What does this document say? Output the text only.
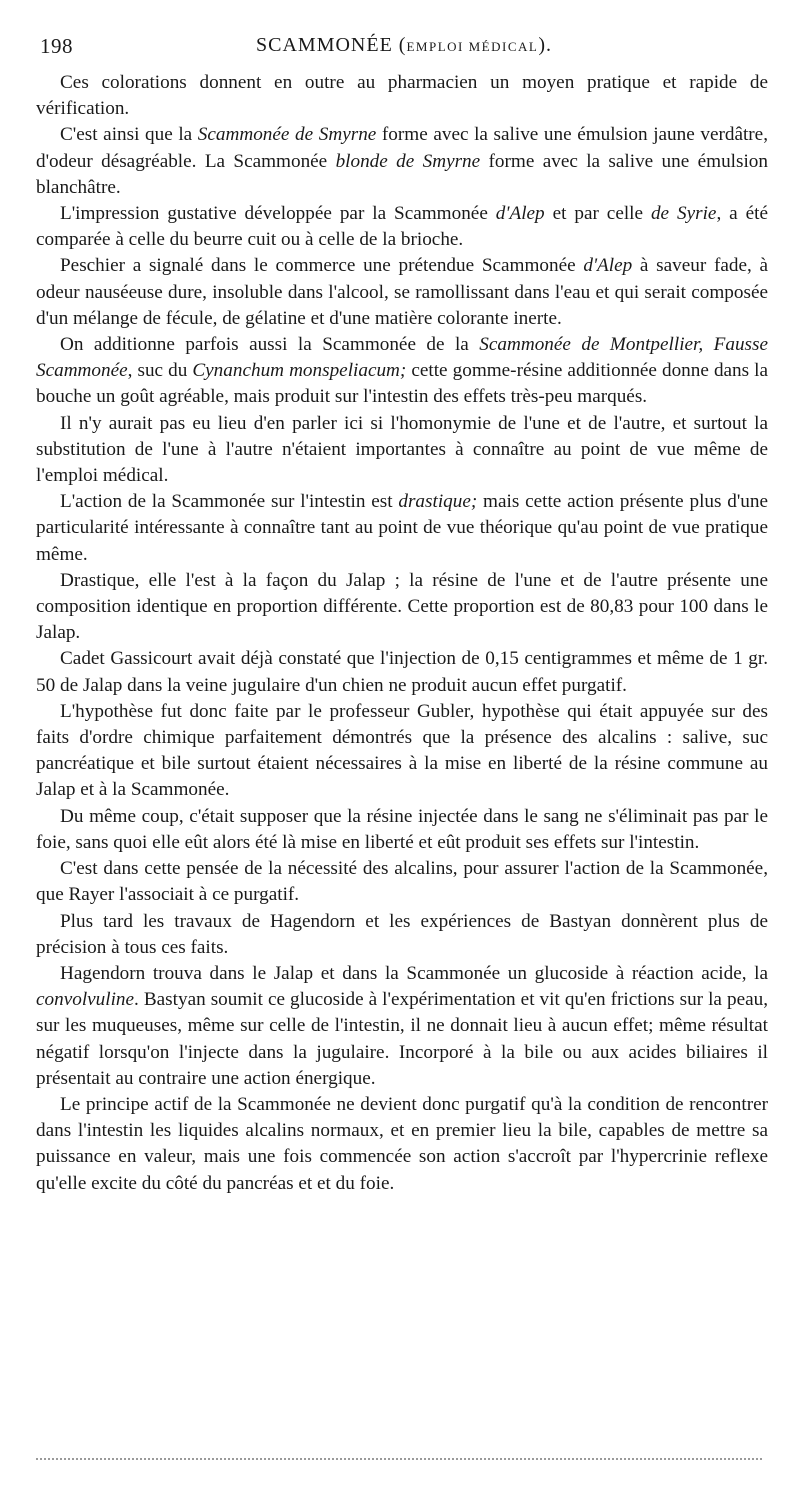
198	SCAMMONÉE (EMPLOI MÉDICAL).

Ces colorations donnent en outre au pharmacien un moyen pratique et rapide de vérification.

C'est ainsi que la Scammonée de Smyrne forme avec la salive une émulsion jaune verdâtre, d'odeur désagréable. La Scammonée blonde de Smyrne forme avec la salive une émulsion blanchâtre.

L'impression gustative développée par la Scammonée d'Alep et par celle de Syrie, a été comparée à celle du beurre cuit ou à celle de la brioche.

Peschier a signalé dans le commerce une prétendue Scammonée d'Alep à saveur fade, à odeur nauséeuse dure, insoluble dans l'alcool, se ramollissant dans l'eau et qui serait composée d'un mélange de fécule, de gélatine et d'une matière colorante inerte.

On additionne parfois aussi la Scammonée de la Scammonée de Montpellier, Fausse Scammonée, suc du Cynanchum monspeliacum; cette gomme-résine additionnée donne dans la bouche un goût agréable, mais produit sur l'intestin des effets très-peu marqués.

Il n'y aurait pas eu lieu d'en parler ici si l'homonymie de l'une et de l'autre, et surtout la substitution de l'une à l'autre n'étaient importantes à connaître au point de vue même de l'emploi médical.

L'action de la Scammonée sur l'intestin est drastique; mais cette action présente plus d'une particularité intéressante à connaître tant au point de vue théorique qu'au point de vue pratique même.

Drastique, elle l'est à la façon du Jalap ; la résine de l'une et de l'autre présente une composition identique en proportion différente. Cette proportion est de 80,83 pour 100 dans le Jalap.

Cadet Gassicourt avait déjà constaté que l'injection de 0,15 centigrammes et même de 1 gr. 50 de Jalap dans la veine jugulaire d'un chien ne produit aucun effet purgatif.

L'hypothèse fut donc faite par le professeur Gubler, hypothèse qui était appuyée sur des faits d'ordre chimique parfaitement démontrés que la présence des alcalins : salive, suc pancréatique et bile surtout étaient nécessaires à la mise en liberté de la résine commune au Jalap et à la Scammonée.

Du même coup, c'était supposer que la résine injectée dans le sang ne s'éliminait pas par le foie, sans quoi elle eût alors été là mise en liberté et eût produit ses effets sur l'intestin.

C'est dans cette pensée de la nécessité des alcalins, pour assurer l'action de la Scammonée, que Rayer l'associait à ce purgatif.

Plus tard les travaux de Hagendorn et les expériences de Bastyan donnèrent plus de précision à tous ces faits.

Hagendorn trouva dans le Jalap et dans la Scammonée un glucoside à réaction acide, la convolvuline. Bastyan soumit ce glucoside à l'expérimentation et vit qu'en frictions sur la peau, sur les muqueuses, même sur celle de l'intestin, il ne donnait lieu à aucun effet; même résultat négatif lorsqu'on l'injecte dans la jugulaire. Incorporé à la bile ou aux acides biliaires il présentait au contraire une action énergique.

Le principe actif de la Scammonée ne devient donc purgatif qu'à la condition de rencontrer dans l'intestin les liquides alcalins normaux, et en premier lieu la bile, capables de mettre sa puissance en valeur, mais une fois commencée son action s'accroît par l'hypercrinie reflexe qu'elle excite du côté du pancréas et et du foie.
